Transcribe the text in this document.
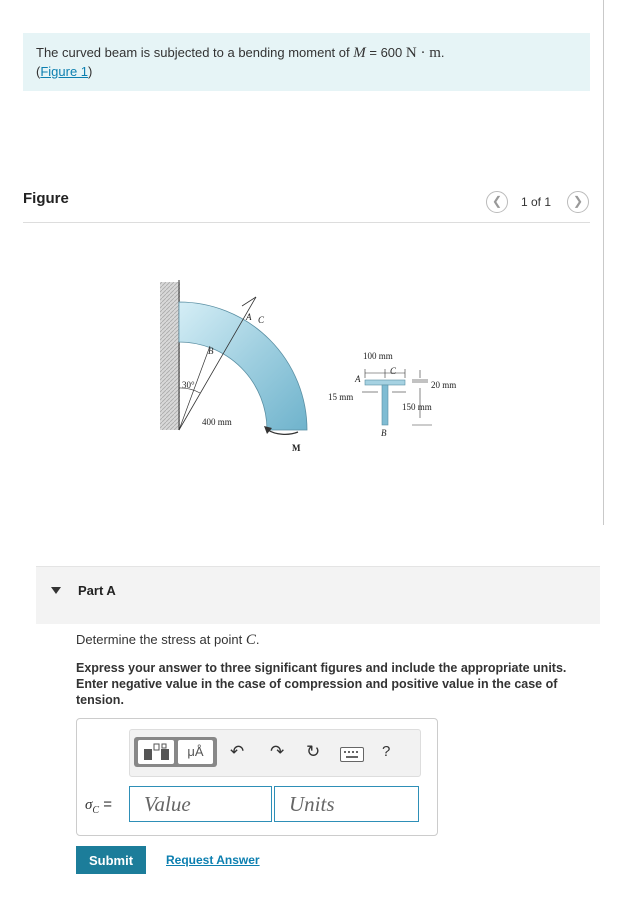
The curved beam is subjected to a bending moment of M = 600 N · m.
(Figure 1)
Figure	❮	1 of 1	❯
30°
400 mm
B
A C
M
100 mm
A
C
20 mm
150 mm
15 mm
B
Part A
Determine the stress at point C.
Express your answer to three significant figures and include the appropriate units. Enter negative value in the case of compression and positive value in the case of tension.
μÅ	↶ ↷ ↻	?
$\sigma_C$ =
Value
Units
Submit	Request Answer
